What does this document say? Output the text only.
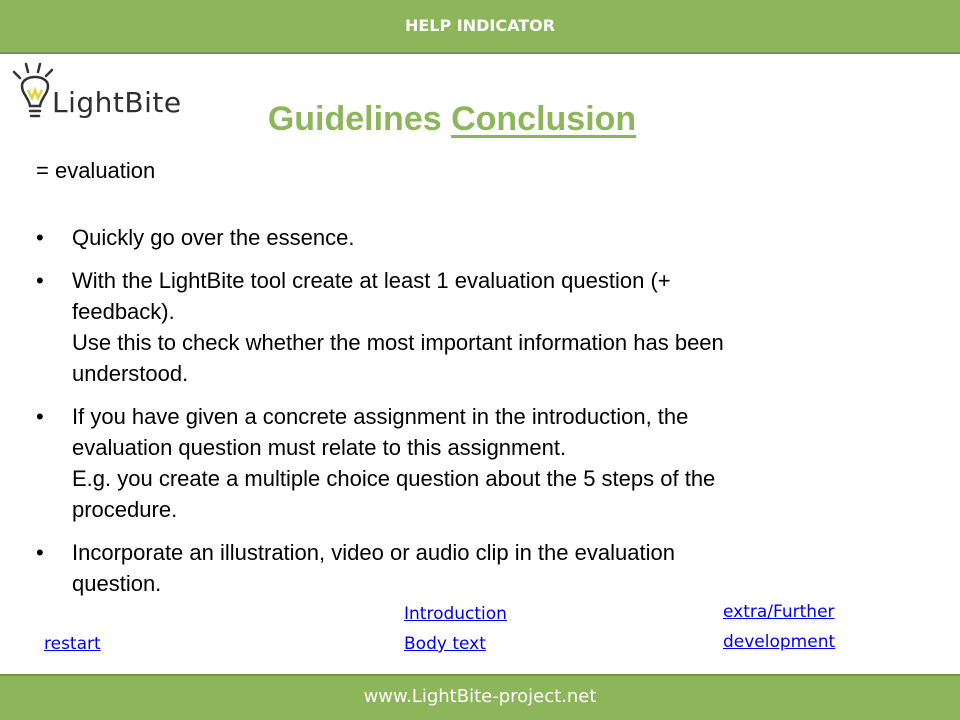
HELP INDICATOR
LightBite	Guidelines Conclusion
= evaluation
• Quickly go over the essence.
• With the LightBite tool create at least 1 evaluation question (+
feedback).
Use this to check whether the most important information has been
understood.
• If you have given a concrete assignment in the introduction, the
evaluation question must relate to this assignment.
E.g. you create a multiple choice question about the 5 steps of the
procedure.
• Incorporate an illustration, video or audio clip in the evaluation
question.
Introduction
Body text
restart
extra/Further
development
www.LightBite-project.net
